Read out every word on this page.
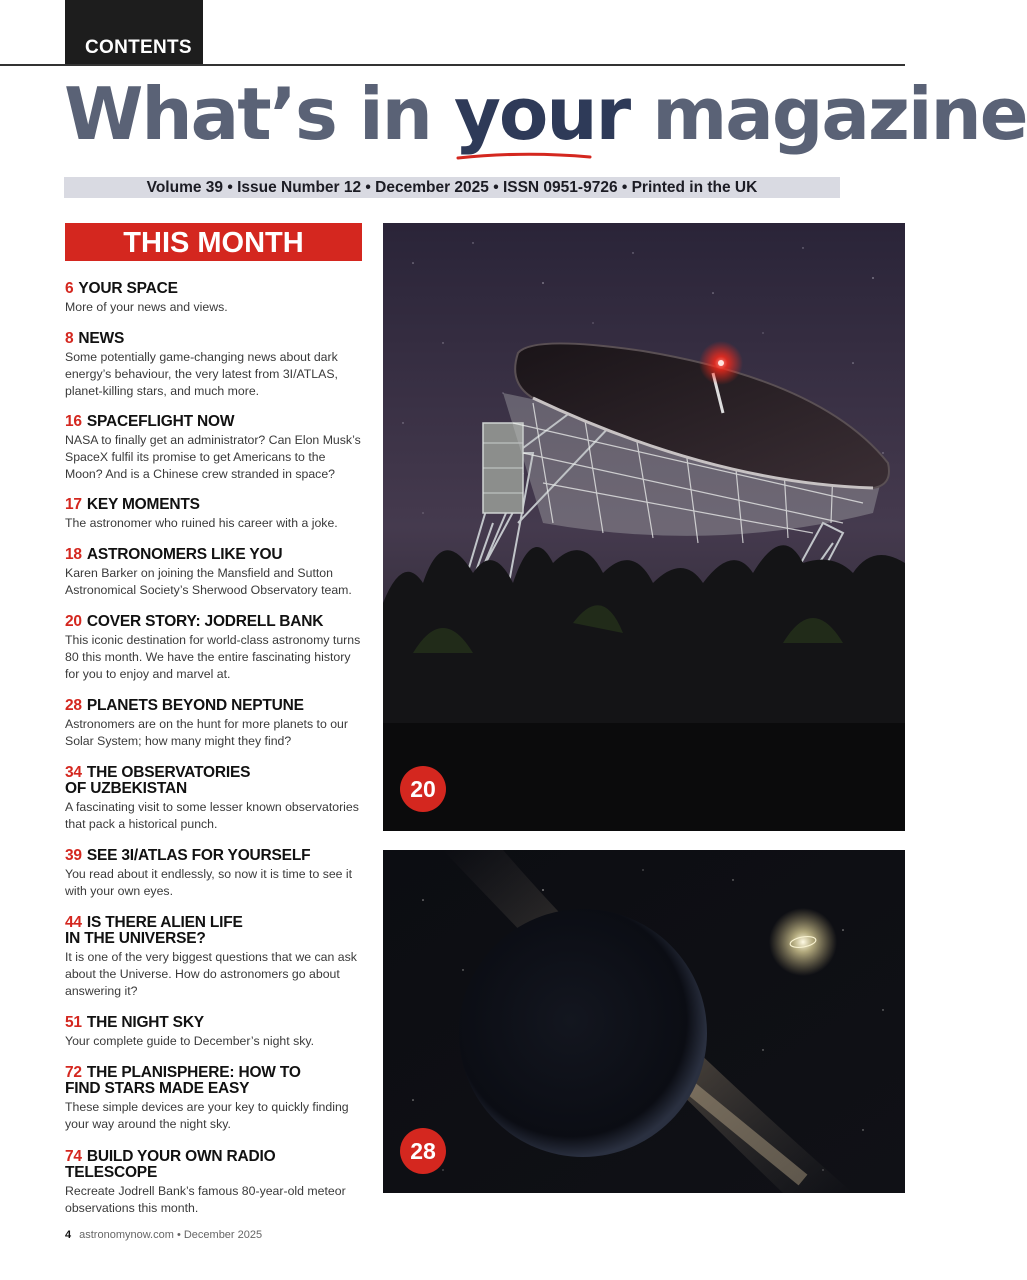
CONTENTS
What’s in your
magazine
Volume 39 • Issue Number 12 • December 2025 • ISSN 0951-9726 • Printed in the UK
THIS MONTH
6 YOUR SPACE

More of your news and views.

8 NEWS

Some potentially game-changing news about dark energy’s behaviour, the very latest from 3I/ATLAS, planet-killing stars, and much more.

16 SPACEFLIGHT NOW

NASA to finally get an administrator? Can Elon Musk’s SpaceX fulfil its promise to get Americans to the Moon? And is a Chinese crew stranded in space?

17 KEY MOMENTS

The astronomer who ruined his career with a joke.

18 ASTRONOMERS LIKE YOU

Karen Barker on joining the Mansfield and Sutton Astronomical Society’s Sherwood Observatory team.

20 COVER STORY: JODRELL BANK

This iconic destination for world-class astronomy turns 80 this month. We have the entire fascinating history for you to enjoy and marvel at.

28 PLANETS BEYOND NEPTUNE

Astronomers are on the hunt for more planets to our Solar System; how many might they find?

34 THE OBSERVATORIES OF UZBEKISTAN

A fascinating visit to some lesser known observatories that pack a historical punch.

39 SEE 3I/ATLAS FOR YOURSELF

You read about it endlessly, so now it is time to see it with your own eyes.

44 IS THERE ALIEN LIFE IN THE UNIVERSE?

It is one of the very biggest questions that we can ask about the Universe. How do astronomers go about answering it?

51 THE NIGHT SKY

Your complete guide to December’s night sky.

72 THE PLANISPHERE: HOW TO FIND STARS MADE EASY

These simple devices are your key to quickly finding your way around the night sky.

74 BUILD YOUR OWN RADIO TELESCOPE

Recreate Jodrell Bank’s famous 80-year-old meteor observations this month.

20
28
4 astronomynow.com • December 2025
